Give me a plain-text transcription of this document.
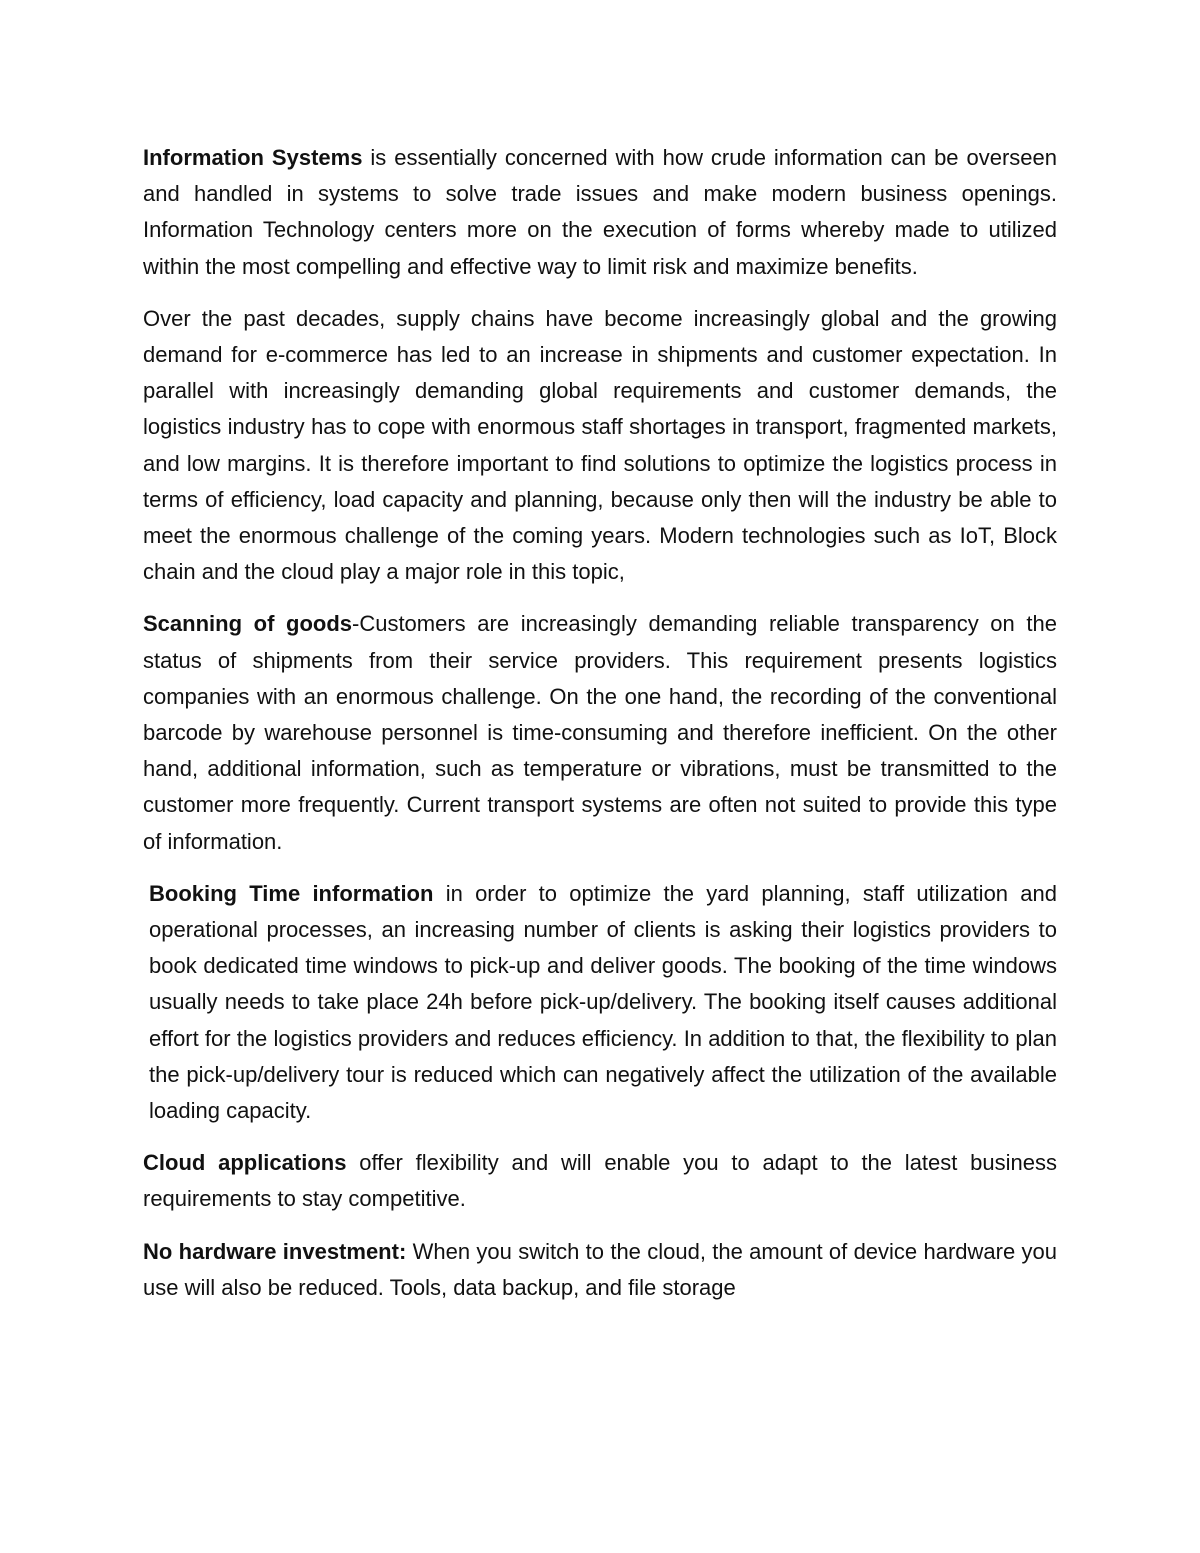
Information Systems is essentially concerned with how crude information can be overseen and handled in systems to solve trade issues and make modern business openings. Information Technology centers more on the execution of forms whereby made to utilized within the most compelling and effective way to limit risk and maximize benefits.

Over the past decades, supply chains have become increasingly global and the growing demand for e-commerce has led to an increase in shipments and customer expectation. In parallel with increasingly demanding global requirements and customer demands, the logistics industry has to cope with enormous staff shortages in transport, fragmented markets, and low margins. It is therefore important to find solutions to optimize the logistics process in terms of efficiency, load capacity and planning, because only then will the industry be able to meet the enormous challenge of the coming years. Modern technologies such as IoT, Block chain and the cloud play a major role in this topic,

Scanning of goods-Customers are increasingly demanding reliable transparency on the status of shipments from their service providers. This requirement presents logistics companies with an enormous challenge. On the one hand, the recording of the conventional barcode by warehouse personnel is time-consuming and therefore inefficient. On the other hand, additional information, such as temperature or vibrations, must be transmitted to the customer more frequently. Current transport systems are often not suited to provide this type of information.

Booking Time information in order to optimize the yard planning, staff utilization and operational processes, an increasing number of clients is asking their logistics providers to book dedicated time windows to pick-up and deliver goods. The booking of the time windows usually needs to take place 24h before pick-up/delivery. The booking itself causes additional effort for the logistics providers and reduces efficiency. In addition to that, the flexibility to plan the pick-up/delivery tour is reduced which can negatively affect the utilization of the available loading capacity.

Cloud applications offer flexibility and will enable you to adapt to the latest business requirements to stay competitive.

No hardware investment: When you switch to the cloud, the amount of device hardware you use will also be reduced. Tools, data backup, and file storage
